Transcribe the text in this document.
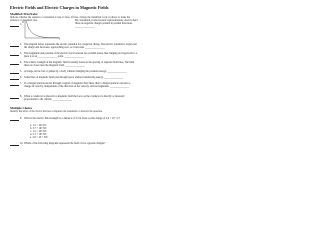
Electric Fields and Electric Charges in Magnetic Fields
Modified True/False
Indicate whether the sentence or statement is true or false. If false, change the identified word or phrase to make the sentence or statement true.
1.
F
r
By convention, in electrostatic representations, electric field lines are negative charges pointed in parallel directions. _______________
2. The diagram below represents the electric potential for a negative charge. The electric potential is larger near the charge and decreases, approaching zero, as r increases. _______________
3. The magnitude and position of the electric force between two parallel plates, like bringing an 8 approach to a plate is at an _______________ point. _______________
4. The relative strength of the magnetic field is usually based on the spacing of adjacent field lines. The field lines are closer near the magnetic field. _______________
5. A charge can be lost or gained by a body without changing the potential energy. _______________
6. Some lines of magnetic field pass through space without transferring energy. _______________
7. If a charged particle moves through a region of magnetic field lines, then a charged particle can have a change in velocity, independent of the direction of the velocity, and its magnitude. _______________
8. When a conductor is placed in a magnetic field the force on the conductor is directly or inversely proportional to the current. _______________
Multiple Choice
Identify the letter of the choice that best completes the statement or answers the question.
9. What is the electric field strength at a distance of 3.5 m from a point charge of 2.0 × 10⁻⁶ C?
a. 1.5 × 10³ N/C
b. 3.7 × 10³ N/C
c. 1.5 × 10⁴ N/C
d. 5.1 × 10³ N/C
e. 2.8 × 10⁻¹ N/C
10. Which of the following diagrams represents the field of two opposite charges?
